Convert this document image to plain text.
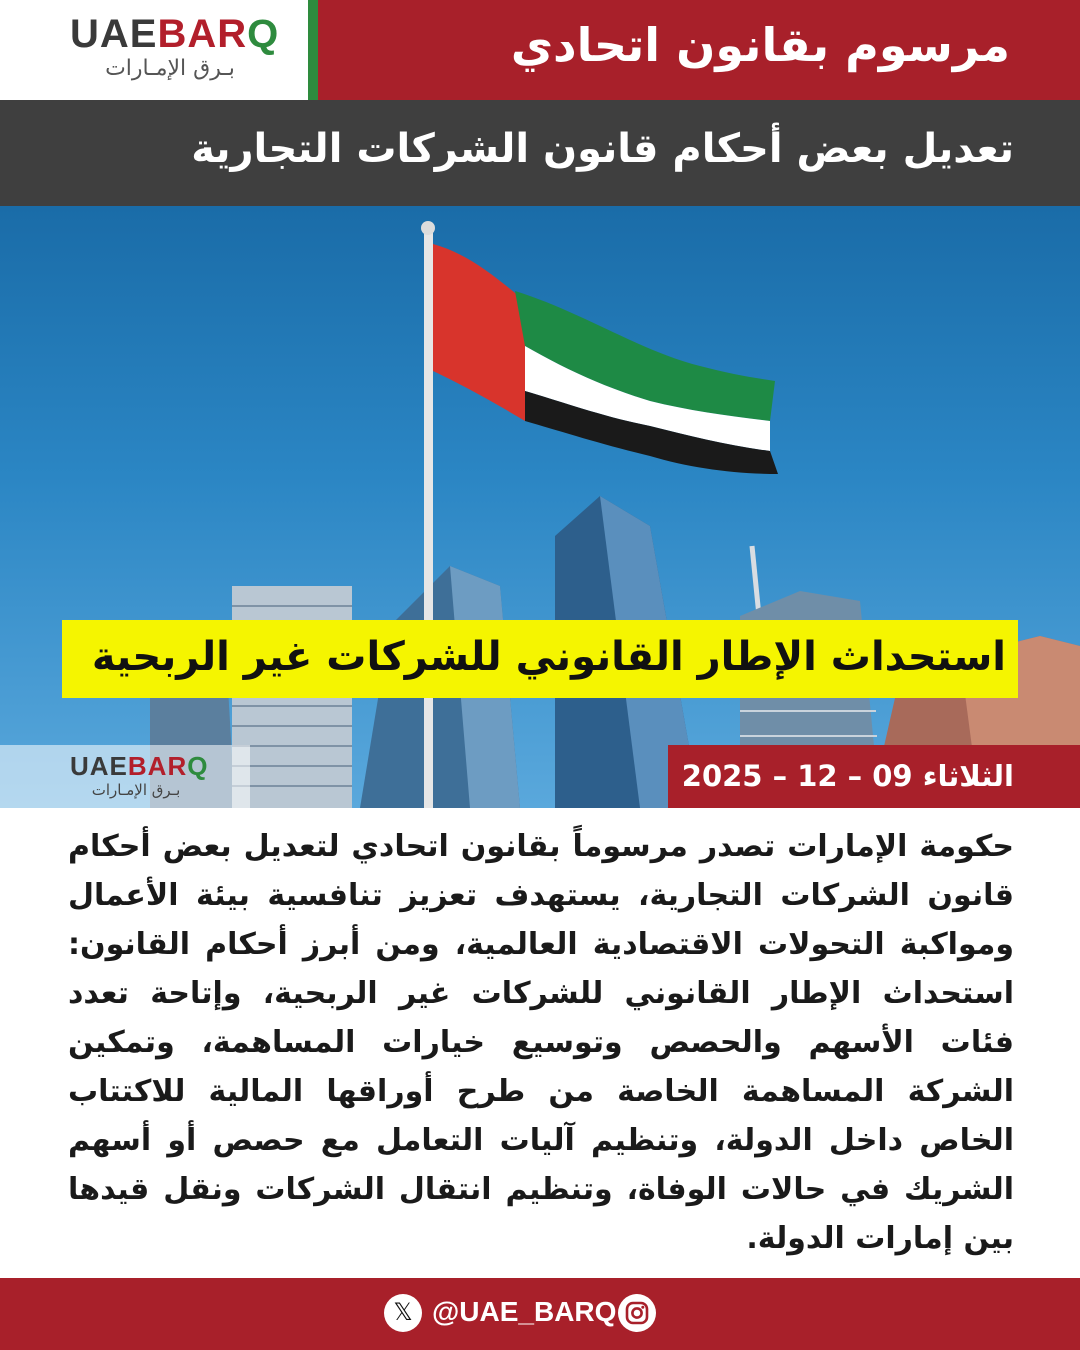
UAEBARQ
بـرق الإمـارات	مرسوم بقانون اتحادي
تعديل بعض أحكام قانون الشركات التجارية
استحداث الإطار القانوني للشركات غير الربحية
UAEBARQ
بـرق الإمـارات	الثلاثاء 09 – 12 – 2025
حكومة الإمارات تصدر مرسوماً بقانون اتحادي لتعديل بعض أحكام قانون الشركات التجارية، يستهدف تعزيز تنافسية بيئة الأعمال ومواكبة التحولات الاقتصادية العالمية، ومن أبرز أحكام القانون: استحداث الإطار القانوني للشركات غير الربحية، وإتاحة تعدد فئات الأسهم والحصص وتوسيع خيارات المساهمة، وتمكين الشركة المساهمة الخاصة من طرح أوراقها المالية للاكتتاب الخاص داخل الدولة، وتنظيم آليات التعامل مع حصص أو أسهم الشريك في حالات الوفاة، وتنظيم انتقال الشركات ونقل قيدها بين إمارات الدولة.
𝕏 @UAE_BARQ
